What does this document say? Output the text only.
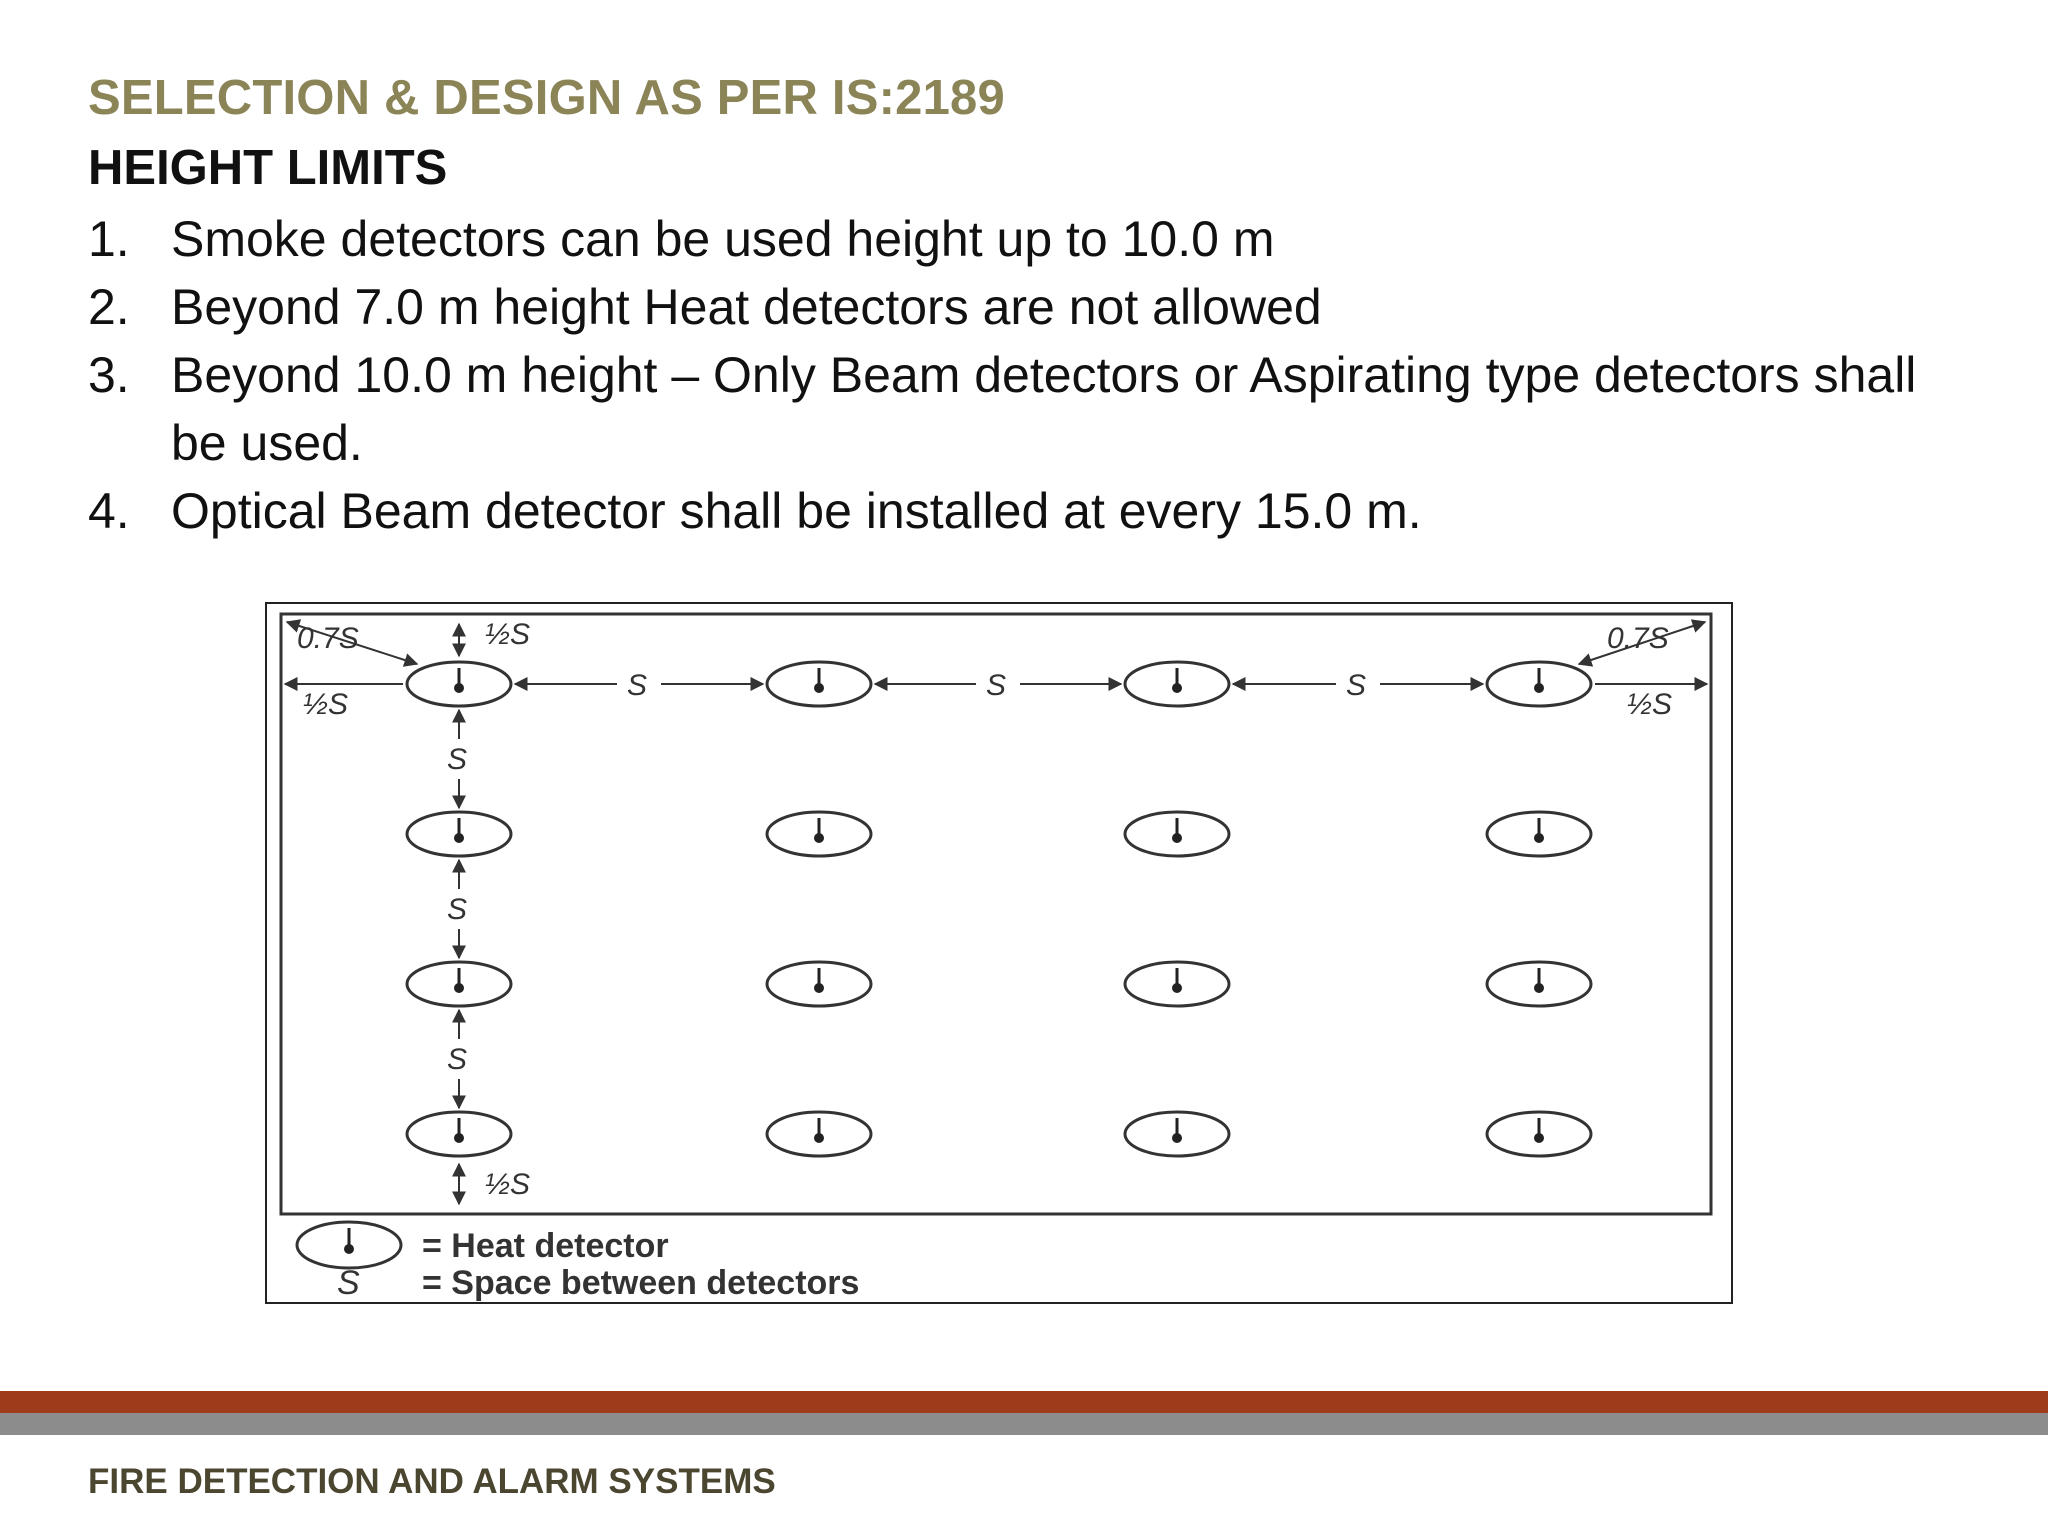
SELECTION & DESIGN AS PER IS:2189
HEIGHT LIMITS
1. Smoke detectors can be used height up to 10.0 m
2. Beyond 7.0 m height Heat detectors are not allowed
3. Beyond 10.0 m height – Only Beam detectors or Aspirating type detectors shall be used.
4. Optical Beam detector shall be installed at every 15.0 m.
S	S	S
S
S
S
½S
½S
½S	½S
0.7S	0.7S
= Heat detector
S = Space between detectors
FIRE DETECTION AND ALARM SYSTEMS
